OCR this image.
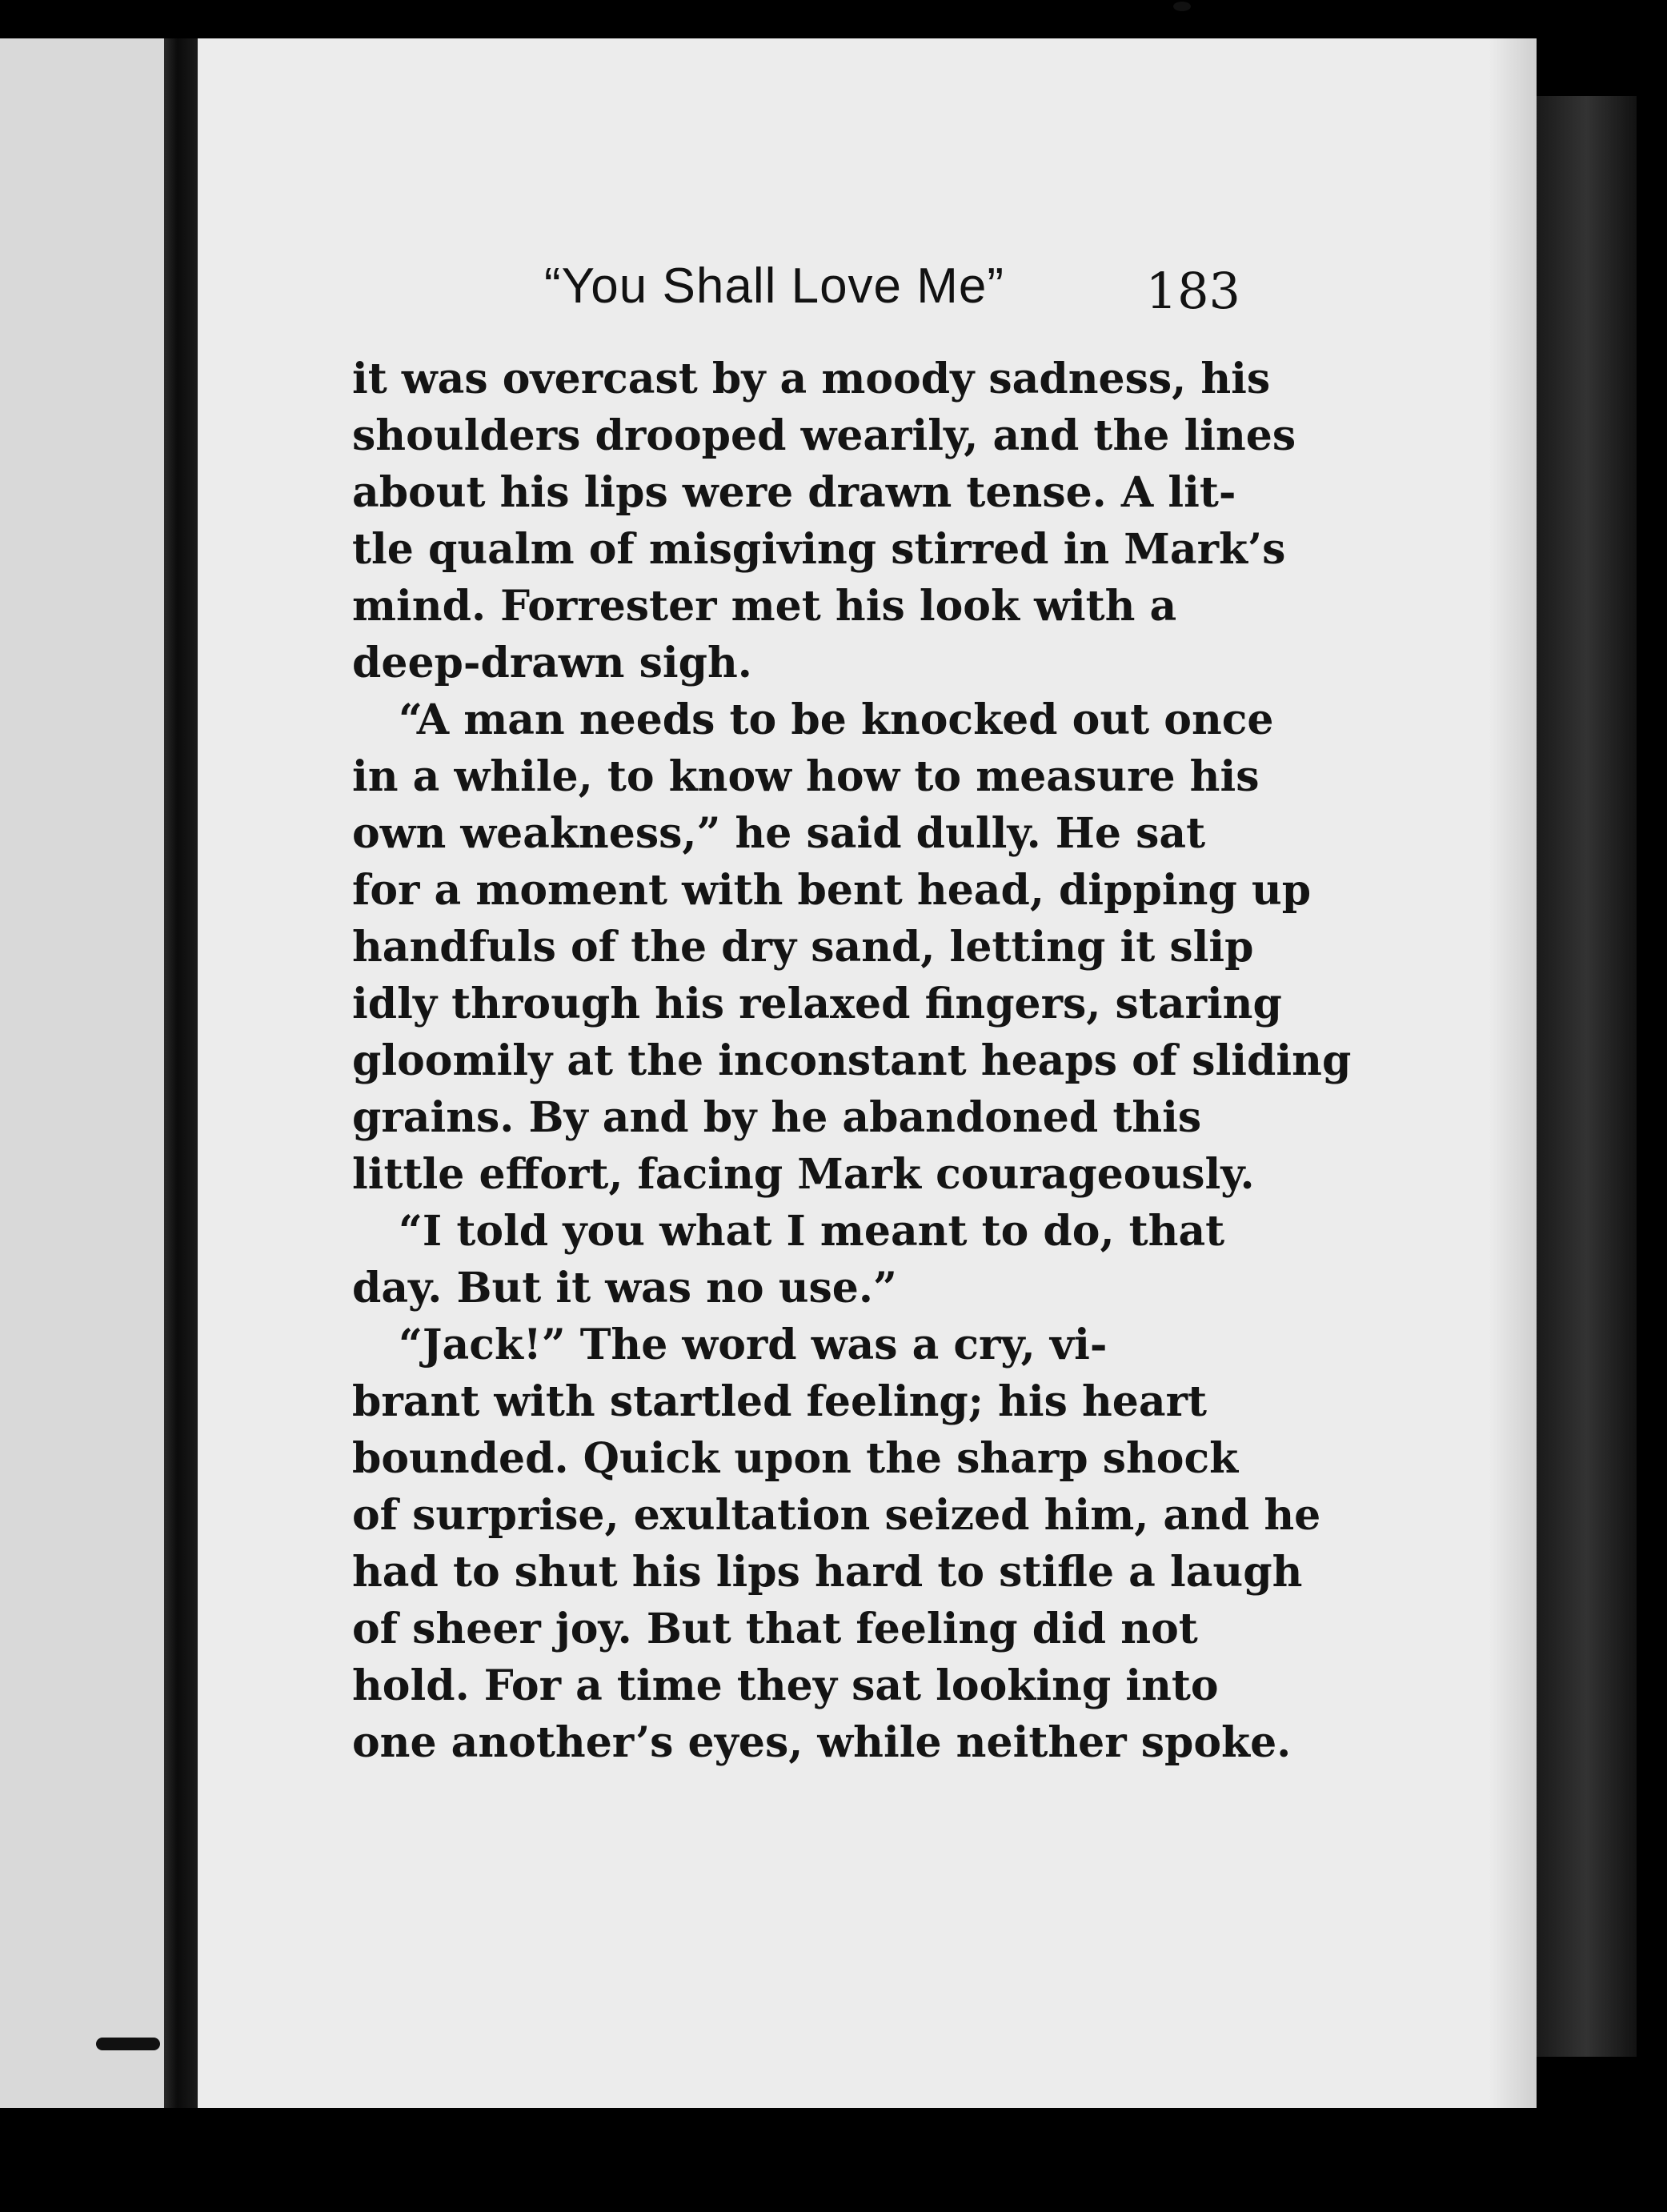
“You Shall Love Me”	183
it was overcast by a moody sadness, his
shoulders drooped wearily, and the lines
about his lips were drawn tense. A lit-
tle qualm of misgiving stirred in Mark’s
mind. Forrester met his look with a
deep-drawn sigh.
“A man needs to be knocked out once
in a while, to know how to measure his
own weakness,” he said dully. He sat
for a moment with bent head, dipping up
handfuls of the dry sand, letting it slip
idly through his relaxed fingers, staring
gloomily at the inconstant heaps of sliding
grains. By and by he abandoned this
little effort, facing Mark courageously.
“I told you what I meant to do, that
day. But it was no use.”
“Jack!” The word was a cry, vi-
brant with startled feeling; his heart
bounded. Quick upon the sharp shock
of surprise, exultation seized him, and he
had to shut his lips hard to stifle a laugh
of sheer joy. But that feeling did not
hold. For a time they sat looking into
one another’s eyes, while neither spoke.
